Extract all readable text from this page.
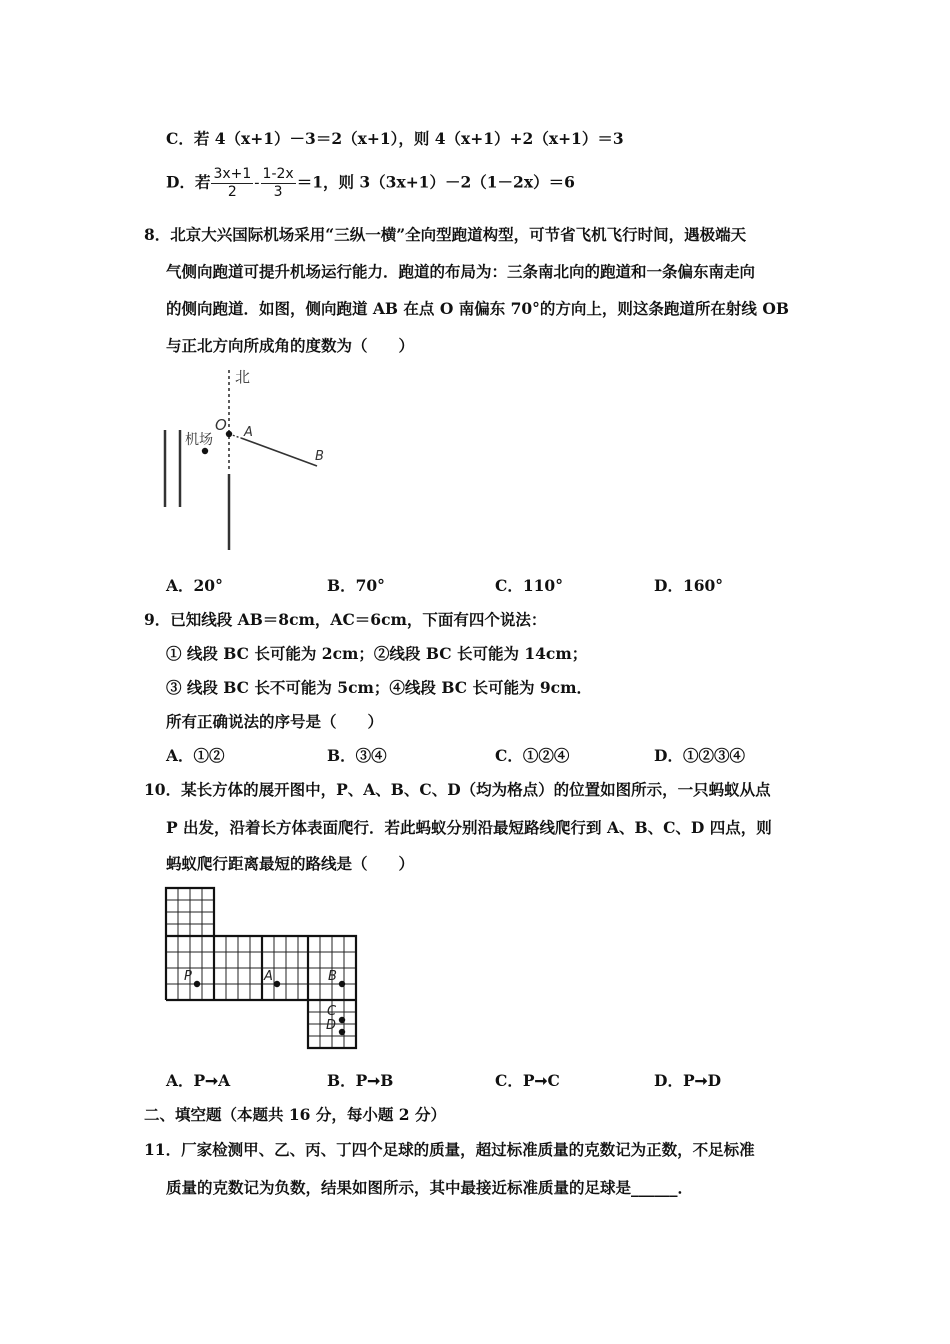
C．若 4（x+1）－3＝2（x+1），则 4（x+1）+2（x+1）＝3
D．若 $\frac{3x+1}{2} - \frac{1-2x}{3} =1$，则 3（3x+1）－2（1－2x）＝6
8．北京大兴国际机场采用“三纵一横”全向型跑道构型，可节省飞机飞行时间，遇极端天
气侧向跑道可提升机场运行能力．跑道的布局为：三条南北向的跑道和一条偏东南走向
的侧向跑道．如图，侧向跑道 AB 在点 O 南偏东 70°的方向上，则这条跑道所在射线 OB
与正北方向所成角的度数为（　　）
北
机场
O A
B
A．20°	B．70°	C．110°	D．160°
9．已知线段 AB＝8cm，AC＝6cm，下面有四个说法：
① 线段 BC 长可能为 2cm；②线段 BC 长可能为 14cm；
③ 线段 BC 长不可能为 5cm；④线段 BC 长可能为 9cm．
所有正确说法的序号是（　　）
A．①②	B．③④	C．①②④	D．①②③④
10．某长方体的展开图中，P、A、B、C、D（均为格点）的位置如图所示，一只蚂蚁从点
P 出发，沿着长方体表面爬行．若此蚂蚁分别沿最短路线爬行到 A、B、C、D 四点，则
蚂蚁爬行距离最短的路线是（　　）
P	A	B
C
D
A．P➞A	B．P➞B	C．P➞C	D．P➞D
二、填空题（本题共 16 分，每小题 2 分）
11．厂家检测甲、乙、丙、丁四个足球的质量，超过标准质量的克数记为正数，不足标准
质量的克数记为负数，结果如图所示，其中最接近标准质量的足球是______．
